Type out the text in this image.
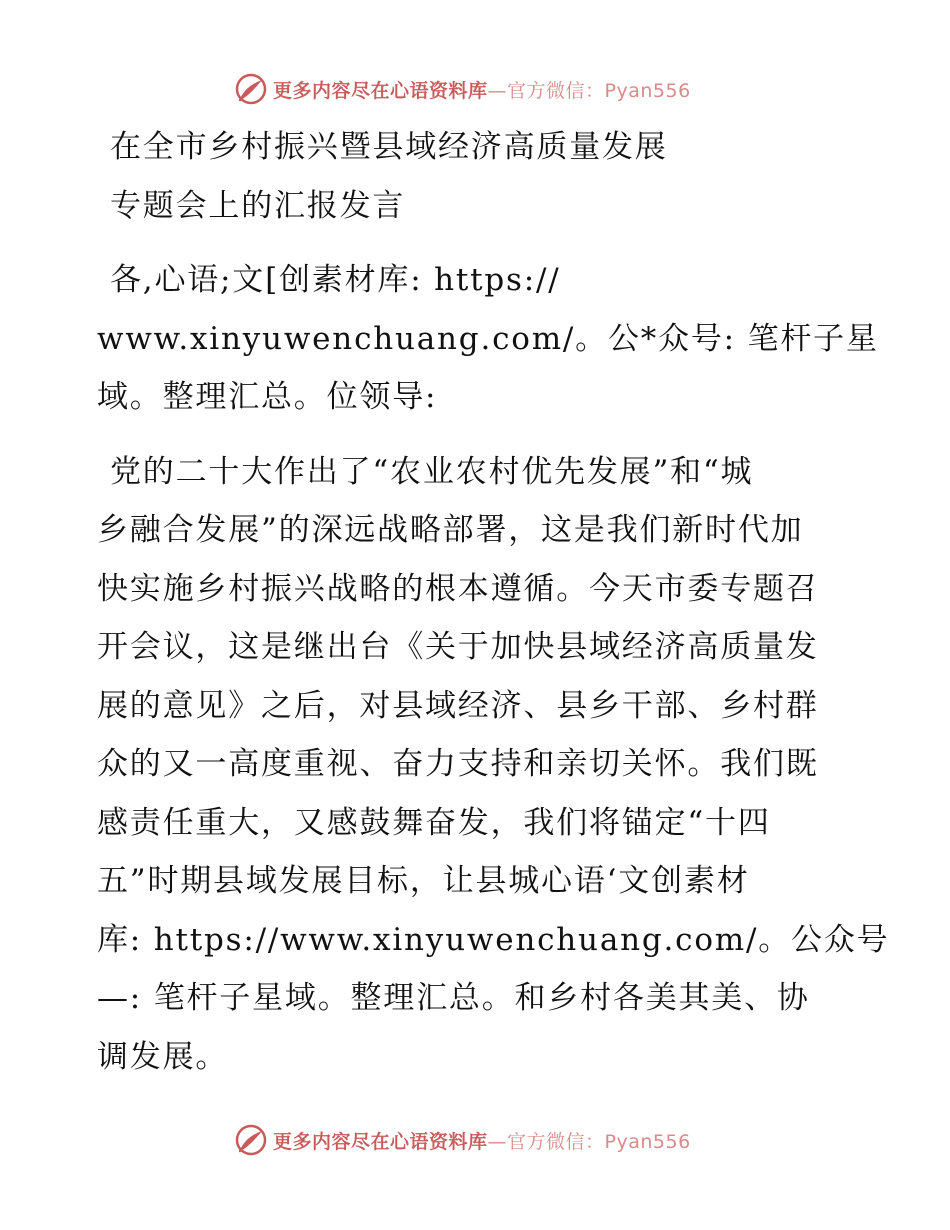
更多内容尽在心语资料库—官方微信：Pyan556
在全市乡村振兴暨县域经济高质量发展
专题会上的汇报发言
各,心语;文[创素材库: https://
www.xinyuwenchuang.com/。公*众号: 笔杆子星
域。整理汇总。位领导:
党的二十大作出了“农业农村优先发展”和“城
乡融合发展”的深远战略部署，这是我们新时代加
快实施乡村振兴战略的根本遵循。今天市委专题召
开会议，这是继出台《关于加快县域经济高质量发
展的意见》之后，对县域经济、县乡干部、乡村群
众的又一高度重视、奋力支持和亲切关怀。我们既
感责任重大，又感鼓舞奋发，我们将锚定“十四
五”时期县域发展目标，让县城心语‘文创素材
库: https://www.xinyuwenchuang.com/。公众号
—: 笔杆子星域。整理汇总。和乡村各美其美、协
调发展。
更多内容尽在心语资料库—官方微信：Pyan556
